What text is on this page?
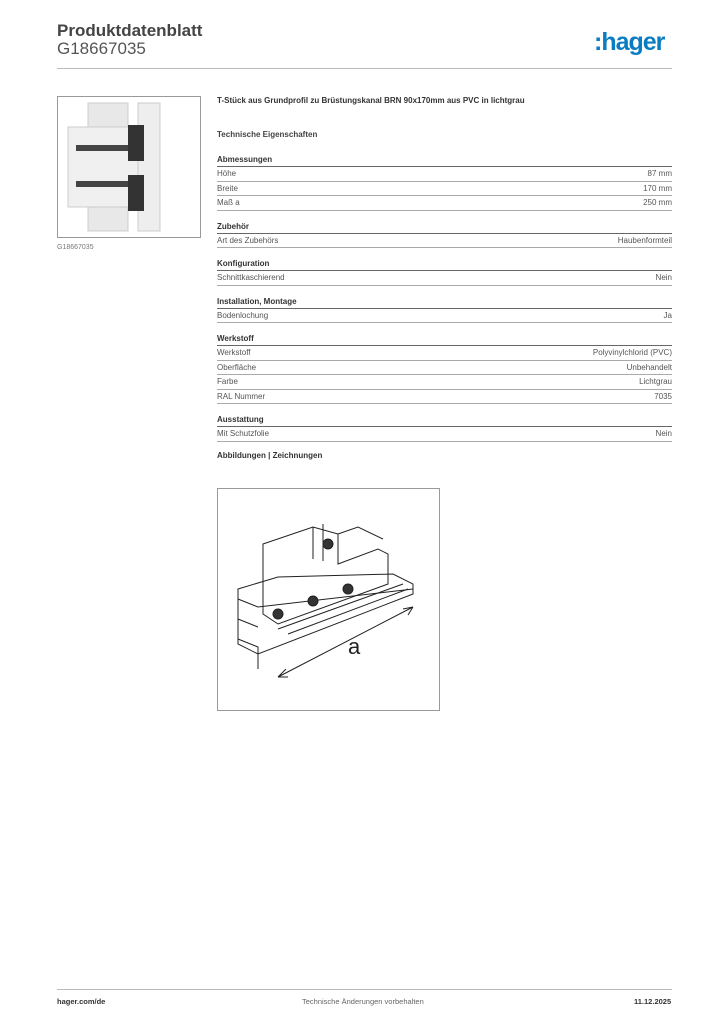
Produktdatenblatt
G18667035	:hager
G18667035
T-Stück aus Grundprofil zu Brüstungskanal BRN 90x170mm aus PVC in lichtgrau
Technische Eigenschaften
Abmessungen
Höhe	87 mm
Breite	170 mm
Maß a	250 mm
Zubehör
Art des Zubehörs	Haubenformteil
Konfiguration
Schnittkaschierend	Nein
Installation, Montage
Bodenlochung	Ja
Werkstoff
Werkstoff	Polyvinylchlorid (PVC)
Oberfläche	Unbehandelt
Farbe	Lichtgrau
RAL Nummer	7035
Ausstattung
Mit Schutzfolie	Nein
Abbildungen | Zeichnungen
a
hager.com/de	Technische Änderungen vorbehalten	11.12.2025
